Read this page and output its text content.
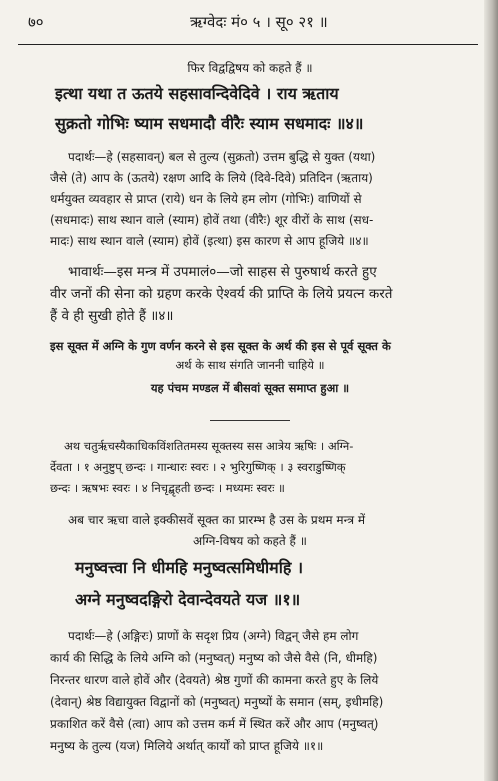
७०	ऋग्वेदः मं० ५ । सू० २१ ॥
फिर विद्वद्विषय को कहते हैं ॥
इत्था यथा त ऊतये सहसावन्दिवेदिवे । राय ऋताय
सुक्रतो गोभिः ष्याम सधमादौ वीरैः स्याम सधमादः ॥४॥
पदार्थः—हे (सहसावन्) बल से तुल्य (सुक्रतो) उत्तम बुद्धि से युक्त (यथा)
जैसे (ते) आप के (ऊतये) रक्षण आदि के लिये (दिवे-दिवे) प्रतिदिन (ऋताय)
धर्मयुक्त व्यवहार से प्राप्त (राये) धन के लिये हम लोग (गोभिः) वाणियों से
(सधमादः) साथ स्थान वाले (स्याम) होवें तथा (वीरैः) शूर वीरों के साथ (सध-
मादः) साथ स्थान वाले (स्याम) होवें (इत्था) इस कारण से आप हूजिये ॥४॥
भावार्थः—इस मन्त्र में उपमालं०—जो साहस से पुरुषार्थ करते हुए
वीर जनों की सेना को ग्रहण करके ऐश्वर्य की प्राप्ति के लिये प्रयत्न करते
हैं वे ही सुखी होते हैं ॥४॥
इस सूक्त में अग्नि के गुण वर्णन करने से इस सूक्त के अर्थ की इस से पूर्व सूक्त के
अर्थ के साथ संगति जाननी चाहिये ॥
यह पंचम मण्डल में बीसवां सूक्त समाप्त हुआ ॥
अथ चतुर्ऋचस्यैकाधिकविंशतितमस्य सूक्तस्य सस आत्रेय ऋषिः । अग्नि-
र्देवता । १ अनुष्टुप् छन्दः । गान्धारः स्वरः । २ भुरिगुष्णिक् । ३ स्वराडुष्णिक्
छन्दः । ऋषभः स्वरः । ४ निचृद्बृहती छन्दः । मध्यमः स्वरः ॥
अब चार ऋचा वाले इक्कीसवें सूक्त का प्रारम्भ है उस के प्रथम मन्त्र में
अग्नि-विषय को कहते हैं ॥
मनुष्वत्त्वा नि धीमहि मनुष्वत्समिधीमहि ।
अग्ने मनुष्वदङ्गिरो देवान्देवयते यज ॥१॥
पदार्थः—हे (अङ्गिरः) प्राणों के सदृश प्रिय (अग्ने) विद्वन् जैसे हम लोग
कार्य की सिद्धि के लिये अग्नि को (मनुष्वत्) मनुष्य को जैसे वैसे (नि, धीमहि)
निरन्तर धारण वाले होवें और (देवयते) श्रेष्ठ गुणों की कामना करते हुए के लिये
(देवान्) श्रेष्ठ विद्यायुक्त विद्वानों को (मनुष्वत्) मनुष्यों के समान (सम्, इधीमहि)
प्रकाशित करें वैसे (त्वा) आप को उत्तम कर्म में स्थित करें और आप (मनुष्वत्)
मनुष्य के तुल्य (यज) मिलिये अर्थात् कार्यों को प्राप्त हूजिये ॥१॥
